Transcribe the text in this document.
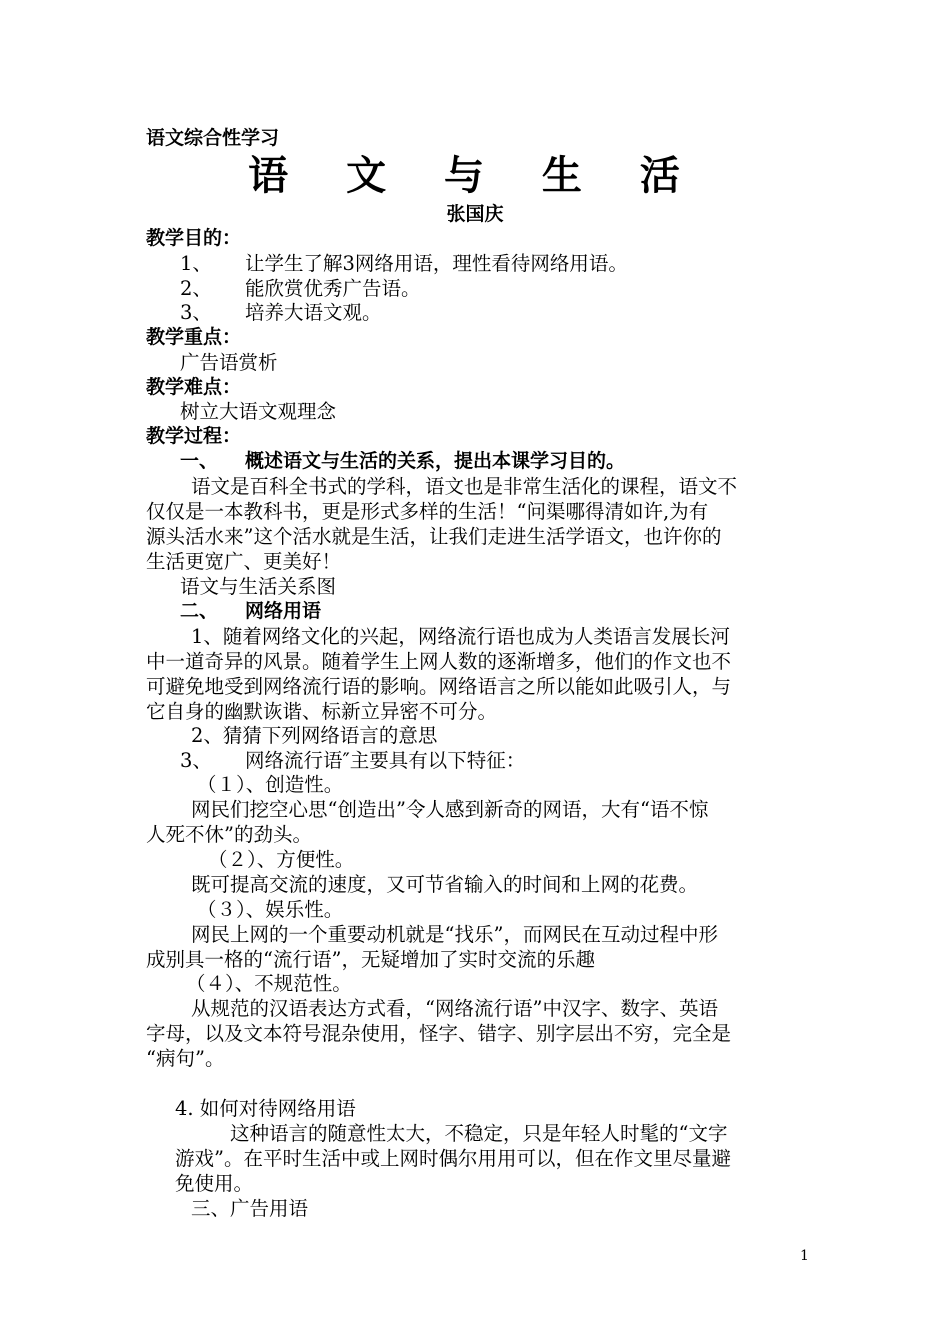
语文综合性学习
语 文 与 生 活
张国庆
教学目的：
1、 让学生了解3网络用语，理性看待网络用语。
2、 能欣赏优秀广告语。
3、 培养大语文观。
教学重点：
广告语赏析
教学难点：
树立大语文观理念
教学过程：
一、 概述语文与生活的关系，提出本课学习目的。
语文是百科全书式的学科，语文也是非常生活化的课程，语文不
仅仅是一本教科书，更是形式多样的生活！“问渠哪得清如许,为有
源头活水来”这个活水就是生活，让我们走进生活学语文，也许你的
生活更宽广、更美好！
语文与生活关系图
二、 网络用语
1、随着网络文化的兴起，网络流行语也成为人类语言发展长河
中一道奇异的风景。随着学生上网人数的逐渐增多，他们的作文也不
可避免地受到网络流行语的影响。网络语言之所以能如此吸引人，与
它自身的幽默诙谐、标新立异密不可分。
2、猜猜下列网络语言的意思
3、 网络流行语″主要具有以下特征：
（１）、创造性。
网民们挖空心思“创造出”令人感到新奇的网语，大有“语不惊
人死不休”的劲头。
（２）、方便性。
既可提高交流的速度，又可节省输入的时间和上网的花费。
（３）、娱乐性。
网民上网的一个重要动机就是“找乐”，而网民在互动过程中形
成别具一格的“流行语”，无疑增加了实时交流的乐趣
（４）、不规范性。
从规范的汉语表达方式看，“网络流行语”中汉字、数字、英语
字母，以及文本符号混杂使用，怪字、错字、别字层出不穷，完全是
“病句”。
4. 如何对待网络用语
这种语言的随意性太大，不稳定，只是年轻人时髦的“文字
游戏”。在平时生活中或上网时偶尔用用可以，但在作文里尽量避
免使用。
三、广告用语
1
